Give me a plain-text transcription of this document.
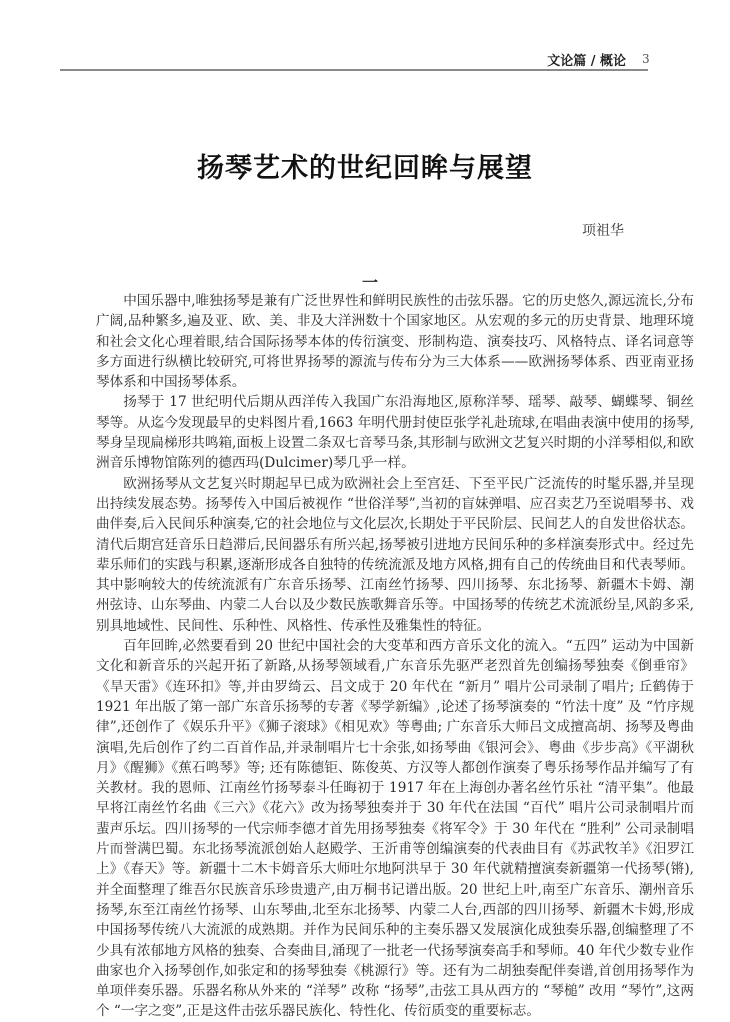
文论篇 / 概论 3
扬琴艺术的世纪回眸与展望
项祖华
一

中国乐器中,唯独扬琴是兼有广泛世界性和鲜明民族性的击弦乐器。它的历史悠久,源远流长,分布广阔,品种繁多,遍及亚、欧、美、非及大洋洲数十个国家地区。从宏观的多元的历史背景、地理环境和社会文化心理着眼,结合国际扬琴本体的传衍演变、形制构造、演奏技巧、风格特点、译名词意等多方面进行纵横比较研究,可将世界扬琴的源流与传布分为三大体系——欧洲扬琴体系、西亚南亚扬琴体系和中国扬琴体系。

扬琴于 17 世纪明代后期从西洋传入我国广东沿海地区,原称洋琴、瑶琴、敲琴、蝴蝶琴、铜丝琴等。从迄今发现最早的史料图片看,1663 年明代册封使臣张学礼赴琉球,在唱曲表演中使用的扬琴,琴身呈现扁梯形共鸣箱,面板上设置二条双七音琴马条,其形制与欧洲文艺复兴时期的小洋琴相似,和欧洲音乐博物馆陈列的德西玛(Dulcimer)琴几乎一样。

欧洲扬琴从文艺复兴时期起早已成为欧洲社会上至宫廷、下至平民广泛流传的时髦乐器,并呈现出持续发展态势。扬琴传入中国后被视作 “世俗洋琴”,当初的盲妹弹唱、应召卖艺乃至说唱琴书、戏曲伴奏,后入民间乐种演奏,它的社会地位与文化层次,长期处于平民阶层、民间艺人的自发世俗状态。清代后期宫廷音乐日趋滞后,民间器乐有所兴起,扬琴被引进地方民间乐种的多样演奏形式中。经过先辈乐师们的实践与积累,逐渐形成各自独特的传统流派及地方风格,拥有自己的传统曲目和代表琴师。其中影响较大的传统流派有广东音乐扬琴、江南丝竹扬琴、四川扬琴、东北扬琴、新疆木卡姆、潮州弦诗、山东琴曲、内蒙二人台以及少数民族歌舞音乐等。中国扬琴的传统艺术流派纷呈,风韵多采,别具地域性、民间性、乐种性、风格性、传承性及雅集性的特征。

百年回眸,必然要看到 20 世纪中国社会的大变革和西方音乐文化的流入。“五四” 运动为中国新文化和新音乐的兴起开拓了新路,从扬琴领域看,广东音乐先驱严老烈首先创编扬琴独奏《倒垂帘》《旱天雷》《连环扣》等,并由罗绮云、吕文成于 20 年代在 “新月” 唱片公司录制了唱片; 丘鹤俦于 1921 年出版了第一部广东音乐扬琴的专著《琴学新编》,论述了扬琴演奏的 “竹法十度” 及 “竹序规律”,还创作了《娱乐升平》《狮子滚球》《相见欢》等粤曲; 广东音乐大师吕文成擅高胡、扬琴及粤曲演唱,先后创作了约二百首作品,并录制唱片七十余张,如扬琴曲《银河会》、粤曲《步步高》《平湖秋月》《醒狮》《蕉石鸣琴》等; 还有陈德钜、陈俊英、方汉等人都创作演奏了粤乐扬琴作品并编写了有关教材。我的恩师、江南丝竹扬琴泰斗任晦初于 1917 年在上海创办著名丝竹乐社 “清平集”。他最早将江南丝竹名曲《三六》《花六》改为扬琴独奏并于 30 年代在法国 “百代” 唱片公司录制唱片而蜚声乐坛。四川扬琴的一代宗师李德才首先用扬琴独奏《将军令》于 30 年代在 “胜利” 公司录制唱片而誉满巴蜀。东北扬琴流派创始人赵殿学、王沂甫等创编演奏的代表曲目有《苏武牧羊》《汨罗江上》《春天》等。新疆十二木卡姆音乐大师吐尔地阿洪早于 30 年代就精擅演奏新疆第一代扬琴(锵),并全面整理了维吾尔民族音乐珍贵遗产,由万桐书记谱出版。20 世纪上叶,南至广东音乐、潮州音乐扬琴,东至江南丝竹扬琴、山东琴曲,北至东北扬琴、内蒙二人台,西部的四川扬琴、新疆木卡姆,形成中国扬琴传统八大流派的成熟期。并作为民间乐种的主奏乐器又发展演化成独奏乐器,创编整理了不少具有浓郁地方风格的独奏、合奏曲目,涌现了一批老一代扬琴演奏高手和琴师。40 年代少数专业作曲家也介入扬琴创作,如张定和的扬琴独奏《桃源行》等。还有为二胡独奏配伴奏谱,首创用扬琴作为单项伴奏乐器。乐器名称从外来的 “洋琴” 改称 “扬琴”,击弦工具从西方的 “琴槌” 改用 “琴竹”,这两个 “一字之变”,正是这件击弦乐器民族化、特性化、传衍质变的重要标志。
